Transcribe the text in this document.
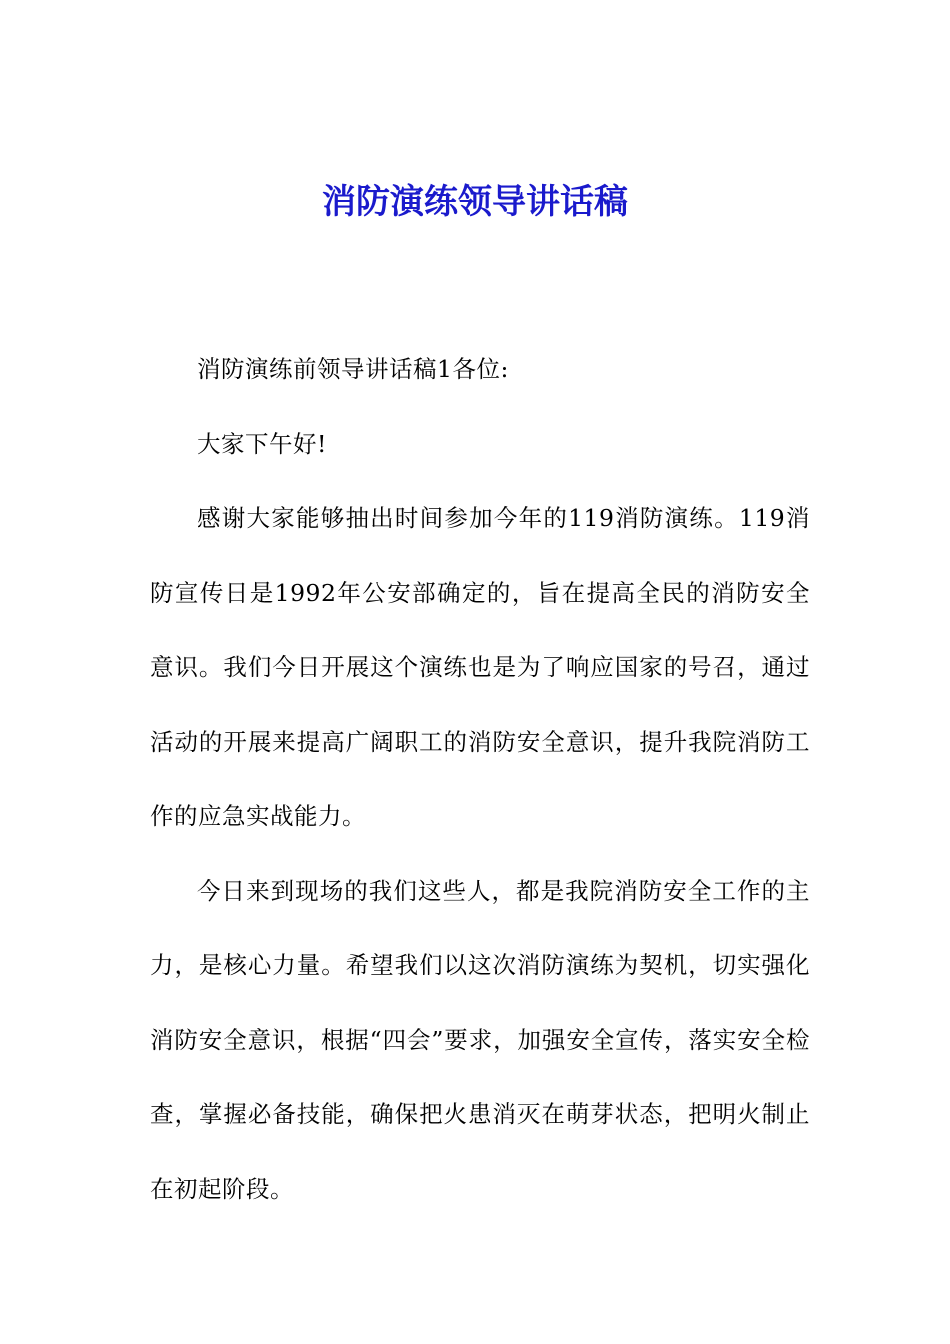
消防演练领导讲话稿

消防演练前领导讲话稿1各位:

大家下午好!

感谢大家能够抽出时间参加今年的119消防演练。119消防宣传日是1992年公安部确定的，旨在提高全民的消防安全意识。我们今日开展这个演练也是为了响应国家的号召，通过活动的开展来提高广阔职工的消防安全意识，提升我院消防工作的应急实战能力。

今日来到现场的我们这些人，都是我院消防安全工作的主力，是核心力量。希望我们以这次消防演练为契机，切实强化消防安全意识，根据“四会”要求，加强安全宣传，落实安全检查，掌握必备技能，确保把火患消灭在萌芽状态，把明火制止在初起阶段。
